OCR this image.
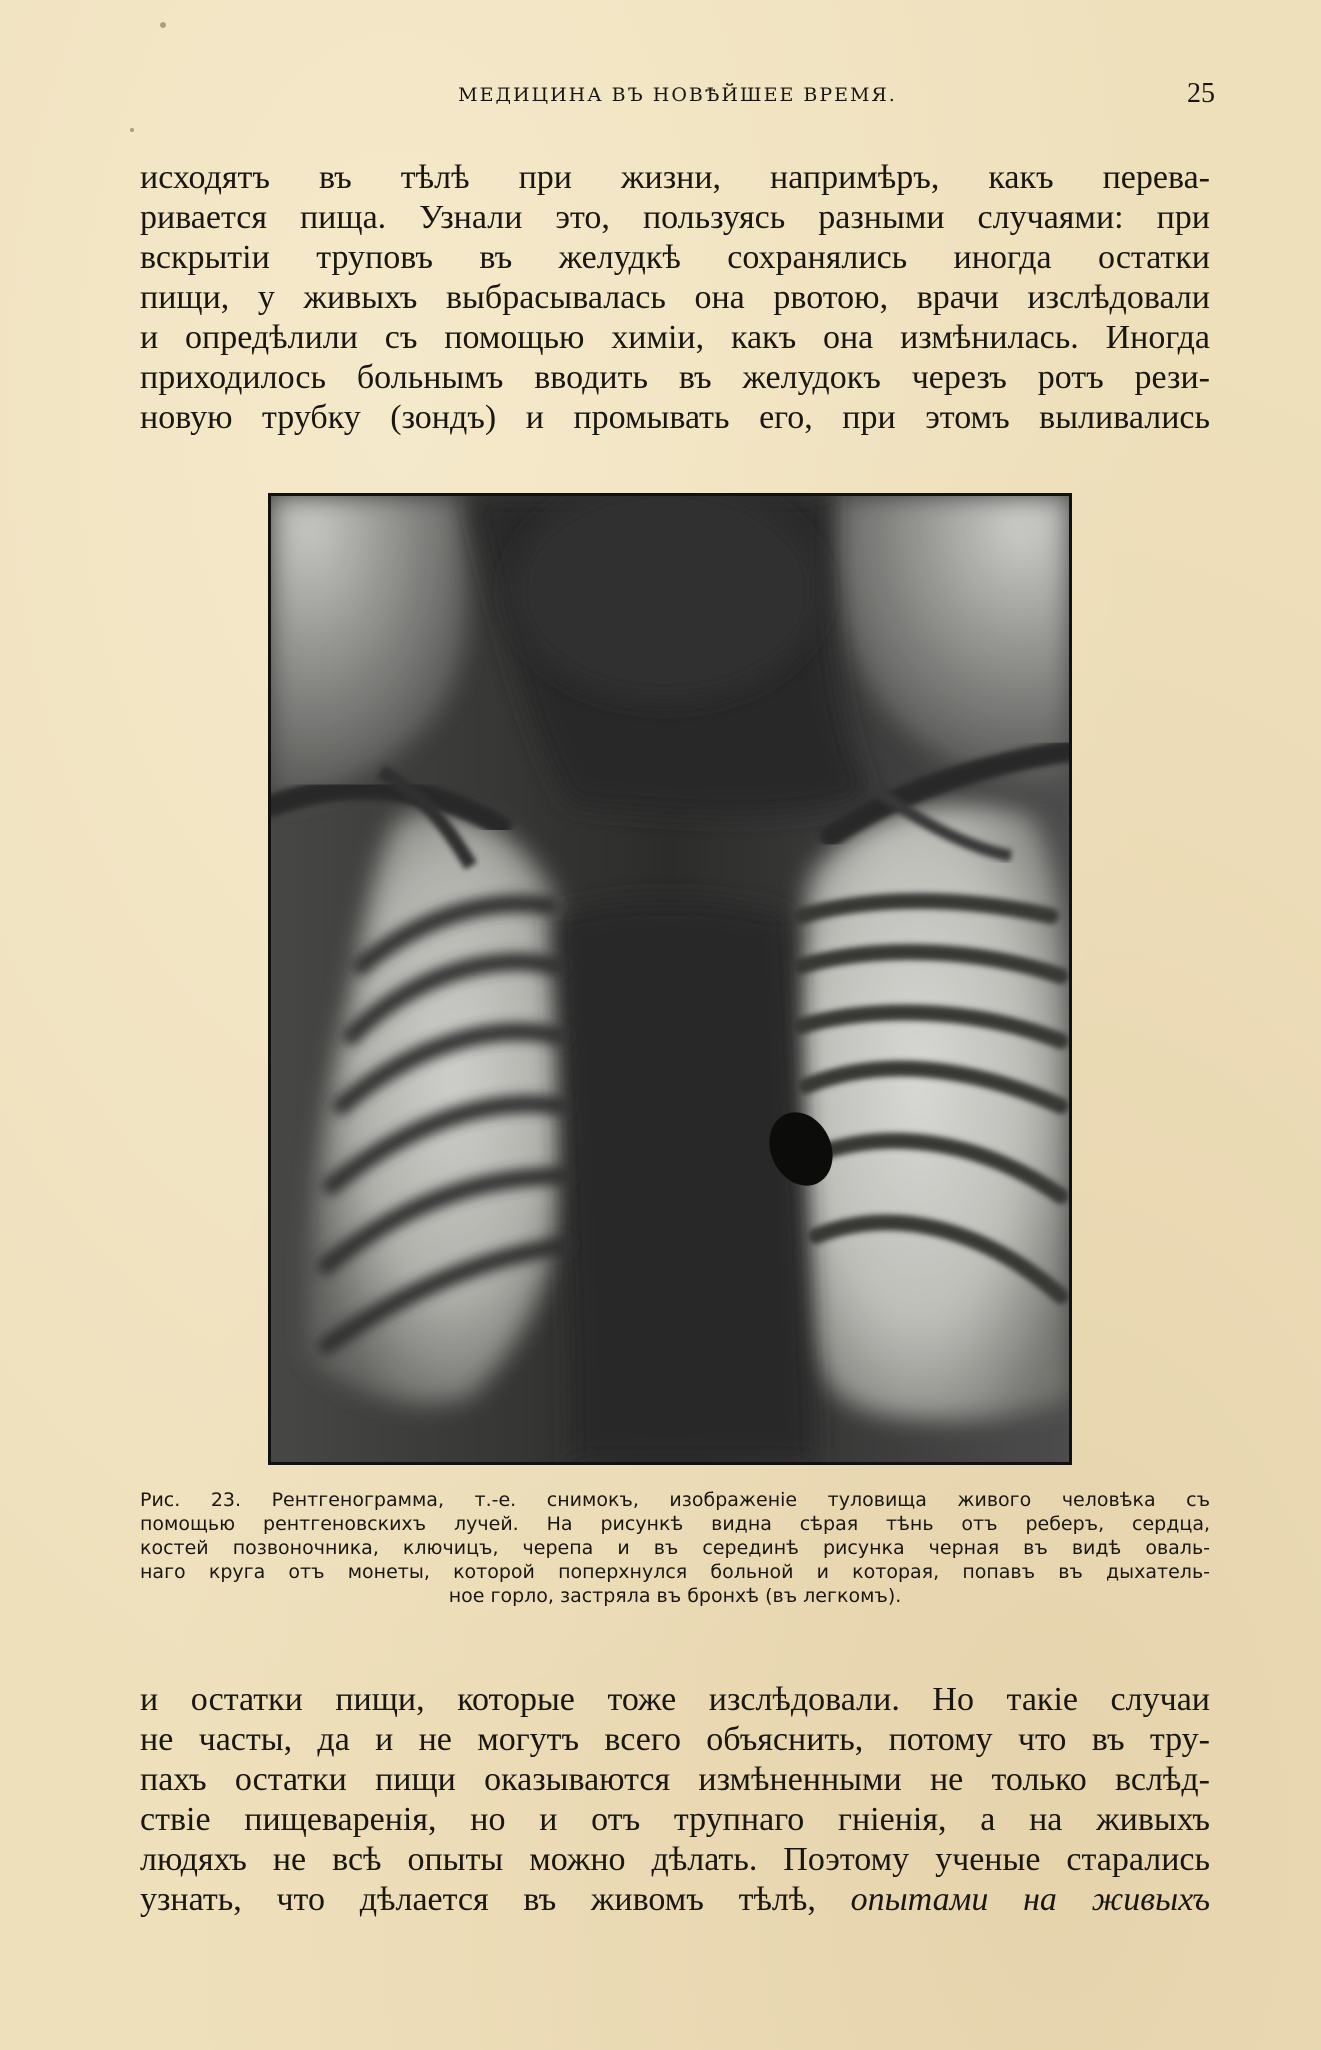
МЕДИЦИНА ВЪ НОВѢЙШЕЕ ВРЕМЯ.	25
исходятъ въ тѣлѣ при жизни, напримѣръ, какъ перева-
ривается пища. Узнали это, пользуясь разными случаями: при
вскрытіи труповъ въ желудкѣ сохранялись иногда остатки
пищи, у живыхъ выбрасывалась она рвотою, врачи изслѣдовали
и опредѣлили съ помощью химіи, какъ она измѣнилась. Иногда
приходилось больнымъ вводить въ желудокъ черезъ ротъ рези-
новую трубку (зондъ) и промывать его, при этомъ выливались
Рис. 23. Рентгенограмма, т.-е. снимокъ, изображеніе туловища живого человѣка съ
помощью рентгеновскихъ лучей. На рисункѣ видна сѣрая тѣнь отъ реберъ, сердца,
костей позвоночника, ключицъ, черепа и въ серединѣ рисунка черная въ видѣ оваль-
наго круга отъ монеты, которой поперхнулся больной и которая, попавъ въ дыхатель-
ное горло, застряла въ бронхѣ (въ легкомъ).
и остатки пищи, которые тоже изслѣдовали. Но такіе случаи
не часты, да и не могутъ всего объяснить, потому что въ тру-
пахъ остатки пищи оказываются измѣненными не только вслѣд-
ствіе пищеваренія, но и отъ трупнаго гніенія, а на живыхъ
людяхъ не всѣ опыты можно дѣлать. Поэтому ученые старались
узнать, что дѣлается въ живомъ тѣлѣ, опытами на живыхъ
